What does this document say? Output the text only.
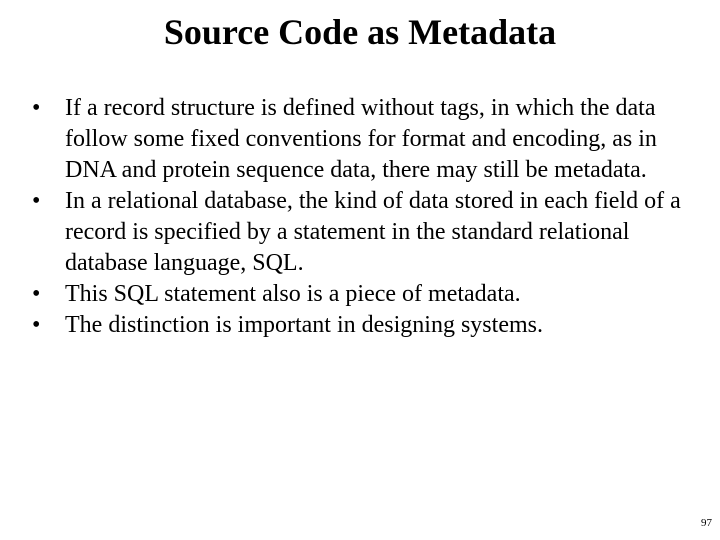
Source Code as Metadata
•	If a record structure is defined without tags, in which the data follow some fixed conventions for format and encoding, as in DNA and protein sequence data, there may still be metadata.
•	In a relational database, the kind of data stored in each field of a record is specified by a statement in the standard relational database language, SQL.
•	This SQL statement also is a piece of metadata.
•	The distinction is important in designing systems.
97
